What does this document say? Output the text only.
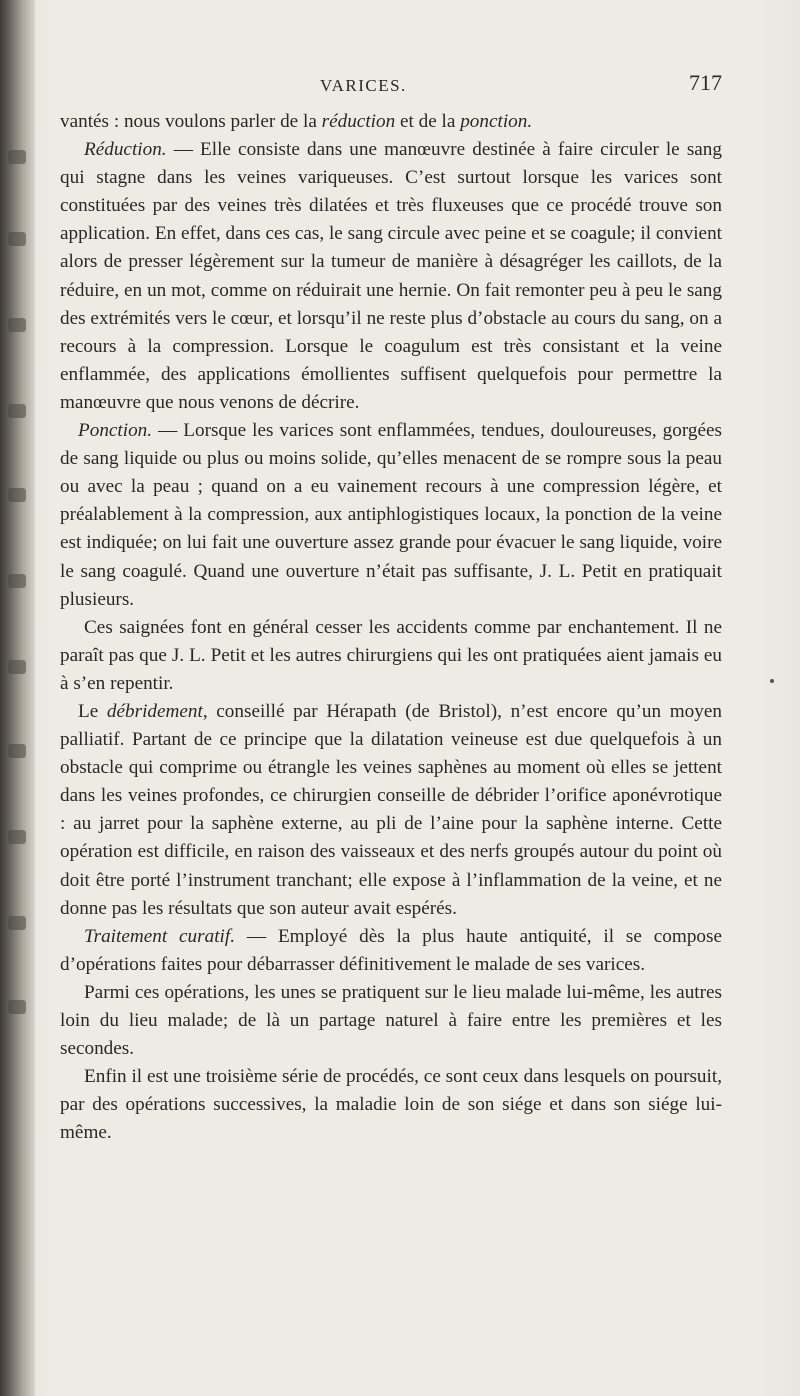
VARICES.	717

vantés : nous voulons parler de la réduction et de la ponction.

Réduction. — Elle consiste dans une manœuvre destinée à faire circuler le sang qui stagne dans les veines variqueuses. C’est surtout lorsque les varices sont constituées par des veines très dilatées et très fluxeuses que ce procédé trouve son application. En effet, dans ces cas, le sang circule avec peine et se coagule; il convient alors de presser légèrement sur la tumeur de manière à désagréger les caillots, de la réduire, en un mot, comme on réduirait une hernie. On fait remonter peu à peu le sang des extrémités vers le cœur, et lorsqu’il ne reste plus d’obstacle au cours du sang, on a recours à la compression. Lorsque le coagulum est très consistant et la veine enflammée, des applications émollientes suffisent quelquefois pour permettre la manœuvre que nous venons de décrire.

Ponction. — Lorsque les varices sont enflammées, tendues, douloureuses, gorgées de sang liquide ou plus ou moins solide, qu’elles menacent de se rompre sous la peau ou avec la peau ; quand on a eu vainement recours à une compression légère, et préalablement à la compression, aux antiphlogistiques locaux, la ponction de la veine est indiquée; on lui fait une ouverture assez grande pour évacuer le sang liquide, voire le sang coagulé. Quand une ouverture n’était pas suffisante, J. L. Petit en pratiquait plusieurs.

Ces saignées font en général cesser les accidents comme par enchantement. Il ne paraît pas que J. L. Petit et les autres chirurgiens qui les ont pratiquées aient jamais eu à s’en repentir.

Le débridement, conseillé par Hérapath (de Bristol), n’est encore qu’un moyen palliatif. Partant de ce principe que la dilatation veineuse est due quelquefois à un obstacle qui comprime ou étrangle les veines saphènes au moment où elles se jettent dans les veines profondes, ce chirurgien conseille de débrider l’orifice aponévrotique : au jarret pour la saphène externe, au pli de l’aine pour la saphène interne. Cette opération est difficile, en raison des vaisseaux et des nerfs groupés autour du point où doit être porté l’instrument tranchant; elle expose à l’inflammation de la veine, et ne donne pas les résultats que son auteur avait espérés.

Traitement curatif. — Employé dès la plus haute antiquité, il se compose d’opérations faites pour débarrasser définitivement le malade de ses varices.

Parmi ces opérations, les unes se pratiquent sur le lieu malade lui-même, les autres loin du lieu malade; de là un partage naturel à faire entre les premières et les secondes.

Enfin il est une troisième série de procédés, ce sont ceux dans lesquels on poursuit, par des opérations successives, la maladie loin de son siége et dans son siége lui-même.
